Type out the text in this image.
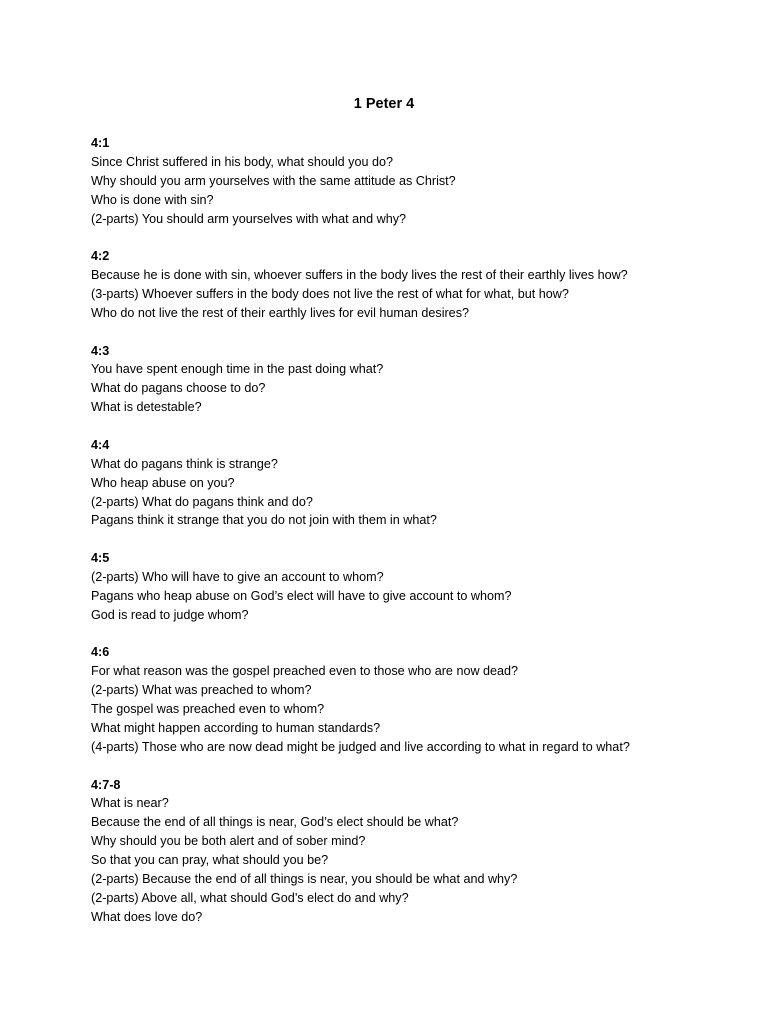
1 Peter 4
4:1
Since Christ suffered in his body, what should you do?
Why should you arm yourselves with the same attitude as Christ?
Who is done with sin?
(2-parts) You should arm yourselves with what and why?
4:2
Because he is done with sin, whoever suffers in the body lives the rest of their earthly lives how?
(3-parts) Whoever suffers in the body does not live the rest of what for what, but how?
Who do not live the rest of their earthly lives for evil human desires?
4:3
You have spent enough time in the past doing what?
What do pagans choose to do?
What is detestable?
4:4
What do pagans think is strange?
Who heap abuse on you?
(2-parts) What do pagans think and do?
Pagans think it strange that you do not join with them in what?
4:5
(2-parts) Who will have to give an account to whom?
Pagans who heap abuse on God’s elect will have to give account to whom?
God is read to judge whom?
4:6
For what reason was the gospel preached even to those who are now dead?
(2-parts) What was preached to whom?
The gospel was preached even to whom?
What might happen according to human standards?
(4-parts) Those who are now dead might be judged and live according to what in regard to what?
4:7-8
What is near?
Because the end of all things is near, God’s elect should be what?
Why should you be both alert and of sober mind?
So that you can pray, what should you be?
(2-parts) Because the end of all things is near, you should be what and why?
(2-parts) Above all, what should God’s elect do and why?
What does love do?
